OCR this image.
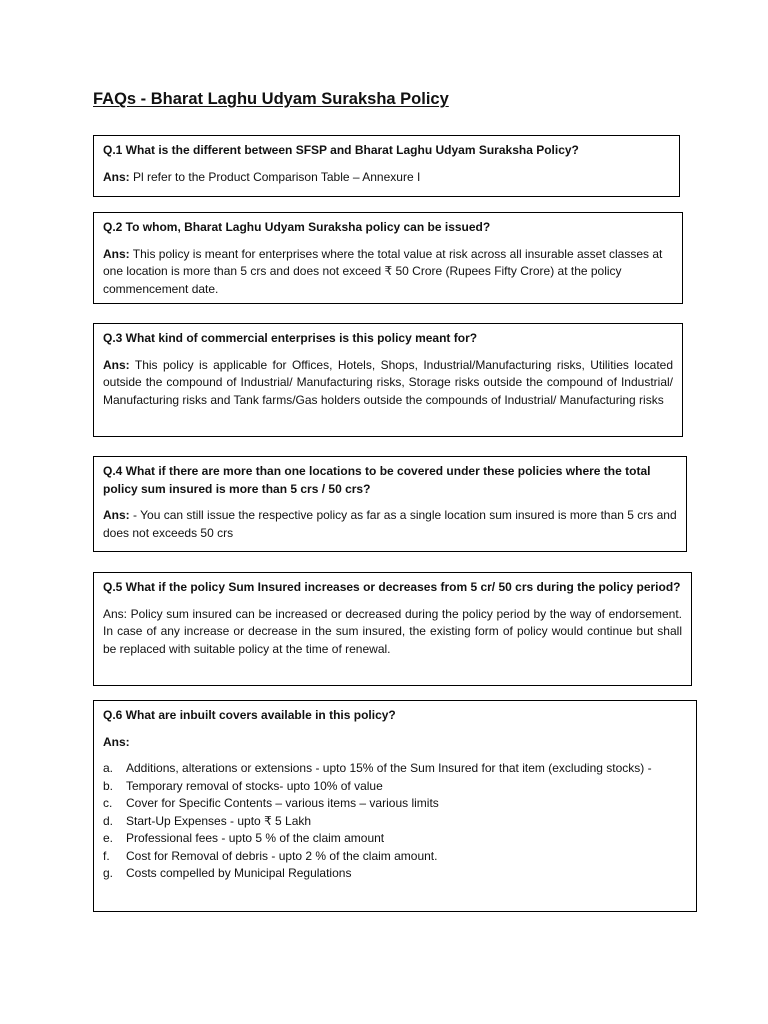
FAQs - Bharat Laghu Udyam Suraksha Policy

Q.1 What is the different between SFSP and Bharat Laghu Udyam Suraksha Policy?

Ans: Pl refer to the Product Comparison Table – Annexure I

Q.2 To whom, Bharat Laghu Udyam Suraksha policy can be issued?

Ans: This policy is meant for enterprises where the total value at risk across all insurable asset classes at one location is more than 5 crs and does not exceed ₹ 50 Crore (Rupees Fifty Crore) at the policy commencement date.

Q.3 What kind of commercial enterprises is this policy meant for?

Ans: This policy is applicable for Offices, Hotels, Shops, Industrial/Manufacturing risks, Utilities located outside the compound of Industrial/ Manufacturing risks, Storage risks outside the compound of Industrial/ Manufacturing risks and Tank farms/Gas holders outside the compounds of Industrial/ Manufacturing risks

Q.4 What if there are more than one locations to be covered under these policies where the total policy sum insured is more than 5 crs / 50 crs?

Ans: - You can still issue the respective policy as far as a single location sum insured is more than 5 crs and does not exceeds 50 crs

Q.5 What if the policy Sum Insured increases or decreases from 5 cr/ 50 crs during the policy period?

Ans: Policy sum insured can be increased or decreased during the policy period by the way of endorsement. In case of any increase or decrease in the sum insured, the existing form of policy would continue but shall be replaced with suitable policy at the time of renewal.

Q.6 What are inbuilt covers available in this policy?

Ans:

a. Additions, alterations or extensions - upto 15% of the Sum Insured for that item (excluding stocks) -
b. Temporary removal of stocks- upto 10% of value
c. Cover for Specific Contents – various items – various limits
d. Start-Up Expenses - upto ₹ 5 Lakh
e. Professional fees - upto 5 % of the claim amount
f. Cost for Removal of debris - upto 2 % of the claim amount.
g. Costs compelled by Municipal Regulations
